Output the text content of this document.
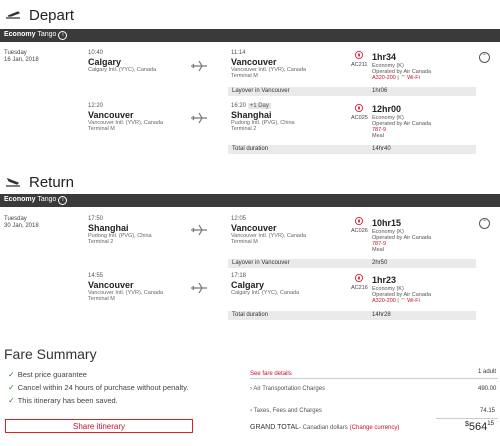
Depart
Economy Tango i
Tuesday
16 Jan, 2018
10:40
Calgary
Calgary Intl. (YYC), Canada
11:14
Vancouver
Vancouver Intl. (YVR), Canada
Terminal M
AC211
1hr34
Economy (K)
Operated by Air Canada
A320-200 | ⌔ Wi-Fi
⌃
Layover in Vancouver	1hr06
12:20
Vancouver
Vancouver Intl. (YVR), Canada
Terminal M
16:20 +1 Day
Shanghai
Pudong Intl. (PVG), China
Terminal 2
AC025
12hr00
Economy (K)
Operated by Air Canada
787-9
Meal
Total duration	14hr40
Return
Economy Tango i
Tuesday
30 Jan, 2018
17:50
Shanghai
Pudong Intl. (PVG), China
Terminal 2
12:05
Vancouver
Vancouver Intl. (YVR), Canada
Terminal M
AC026
10hr15
Economy (K)
Operated by Air Canada
787-9
Meal
⌃
Layover in Vancouver	2hr50
14:55
Vancouver
Vancouver Intl. (YVR), Canada
Terminal M
17:18
Calgary
Calgary Intl. (YYC), Canada
AC216
1hr23
Economy (K)
Operated by Air Canada
A320-200 | ⌔ Wi-Fi
Total duration	14hr28
Fare Summary
✓ Best price guarantee
✓ Cancel within 24 hours of purchase without penalty.
✓ This itinerary has been saved.
Share itinerary
See fare details	1 adult
› Air Transportation Charges	490.00
› Taxes, Fees and Charges	74.15
GRAND TOTAL- Canadian dollars (Change currency)	$^{\$}564^{15}$
